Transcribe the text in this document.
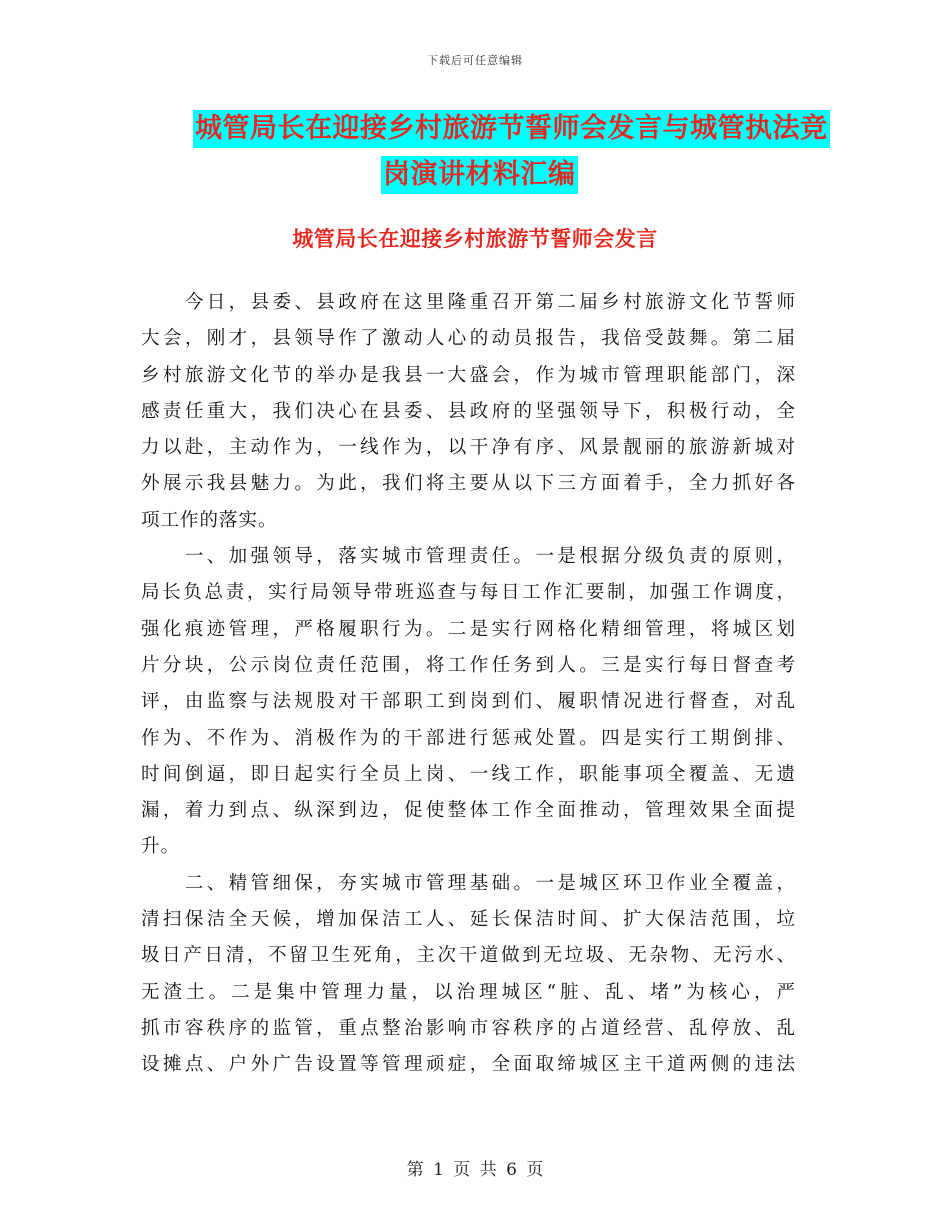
下载后可任意编辑
城管局长在迎接乡村旅游节誓师会发言与城管执法竞
岗演讲材料汇编
城管局长在迎接乡村旅游节誓师会发言
　　今日，县委、县政府在这里隆重召开第二届乡村旅游文化节誓师
大会，刚才，县领导作了激动人心的动员报告，我倍受鼓舞。第二届
乡村旅游文化节的举办是我县一大盛会，作为城市管理职能部门，深
感责任重大，我们决心在县委、县政府的坚强领导下，积极行动，全
力以赴，主动作为，一线作为，以干净有序、风景靓丽的旅游新城对
外展示我县魅力。为此，我们将主要从以下三方面着手，全力抓好各
项工作的落实。
　　一、加强领导，落实城市管理责任。一是根据分级负责的原则，
局长负总责，实行局领导带班巡查与每日工作汇要制，加强工作调度，
强化痕迹管理，严格履职行为。二是实行网格化精细管理，将城区划
片分块，公示岗位责任范围，将工作任务到人。三是实行每日督查考
评，由监察与法规股对干部职工到岗到们、履职情况进行督查，对乱
作为、不作为、消极作为的干部进行惩戒处置。四是实行工期倒排、
时间倒逼，即日起实行全员上岗、一线工作，职能事项全覆盖、无遗
漏，着力到点、纵深到边，促使整体工作全面推动，管理效果全面提
升。
　　二、精管细保，夯实城市管理基础。一是城区环卫作业全覆盖，
清扫保洁全天候，增加保洁工人、延长保洁时间、扩大保洁范围，垃
圾日产日清，不留卫生死角，主次干道做到无垃圾、无杂物、无污水、
无渣土。二是集中管理力量，以治理城区“脏、乱、堵”为核心，严
抓市容秩序的监管，重点整治影响市容秩序的占道经营、乱停放、乱
设摊点、户外广告设置等管理顽症，全面取缔城区主干道两侧的违法
第 1 页 共 6 页
